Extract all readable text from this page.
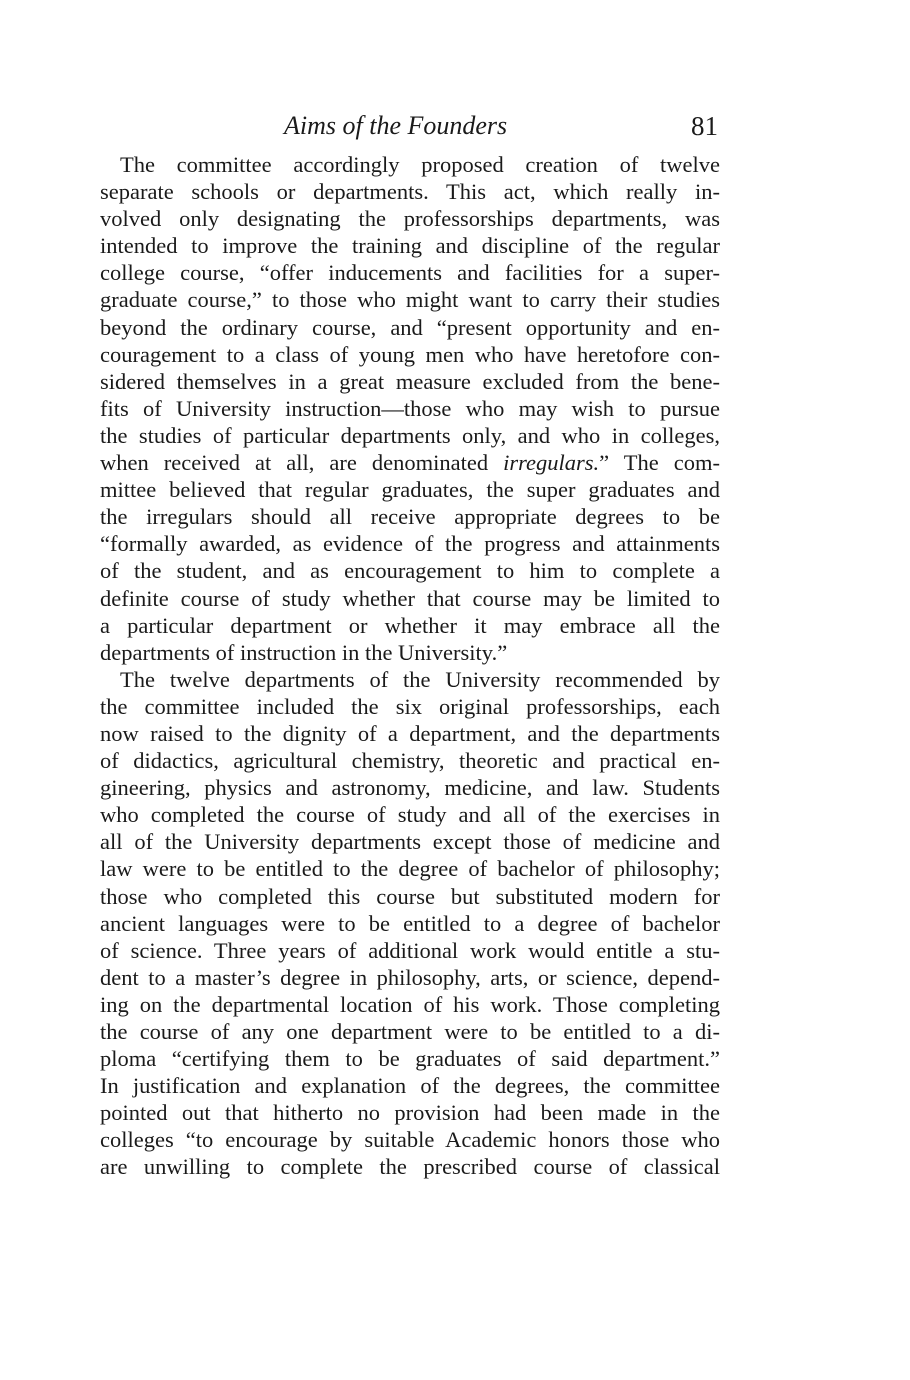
Aims of the Founders	81
The committee accordingly proposed creation of twelve
separate schools or departments. This act, which really in-
volved only designating the professorships departments, was
intended to improve the training and discipline of the regular
college course, “offer inducements and facilities for a super-
graduate course,” to those who might want to carry their studies
beyond the ordinary course, and “present opportunity and en-
couragement to a class of young men who have heretofore con-
sidered themselves in a great measure excluded from the bene-
fits of University instruction—those who may wish to pursue
the studies of particular departments only, and who in colleges,
when received at all, are denominated irregulars.” The com-
mittee believed that regular graduates, the super graduates and
the irregulars should all receive appropriate degrees to be
“formally awarded, as evidence of the progress and attainments
of the student, and as encouragement to him to complete a
definite course of study whether that course may be limited to
a particular department or whether it may embrace all the
departments of instruction in the University.”
The twelve departments of the University recommended by
the committee included the six original professorships, each
now raised to the dignity of a department, and the departments
of didactics, agricultural chemistry, theoretic and practical en-
gineering, physics and astronomy, medicine, and law. Students
who completed the course of study and all of the exercises in
all of the University departments except those of medicine and
law were to be entitled to the degree of bachelor of philosophy;
those who completed this course but substituted modern for
ancient languages were to be entitled to a degree of bachelor
of science. Three years of additional work would entitle a stu-
dent to a master’s degree in philosophy, arts, or science, depend-
ing on the departmental location of his work. Those completing
the course of any one department were to be entitled to a di-
ploma “certifying them to be graduates of said department.”
In justification and explanation of the degrees, the committee
pointed out that hitherto no provision had been made in the
colleges “to encourage by suitable Academic honors those who
are unwilling to complete the prescribed course of classical
